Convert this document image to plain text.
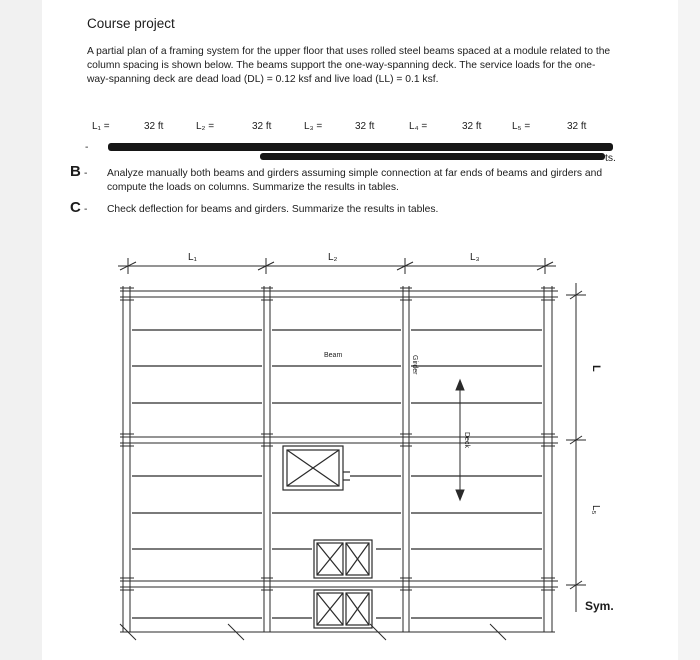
Course project
A partial plan of a framing system for the upper floor that uses rolled steel beams spaced at a module related to the column spacing is shown below. The beams support the one-way-spanning deck. The service loads for the one-way-spanning deck are dead load (DL) = 0.12 ksf and live load (LL) = 0.1 ksf.
L₁ =	32 ft	L₂ =	32 ft	L₃ =	32 ft	L₄ =	32 ft	L₅ =	32 ft
-
ts.
B - Analyze manually both beams and girders assuming simple connection at far ends of beams and girders and compute the loads on columns. Summarize the results in tables.
C - Check deflection for beams and girders. Summarize the results in tables.
L₁	L₂	L₃
Beam	Girder
Deck
L
L₅
Sym.
